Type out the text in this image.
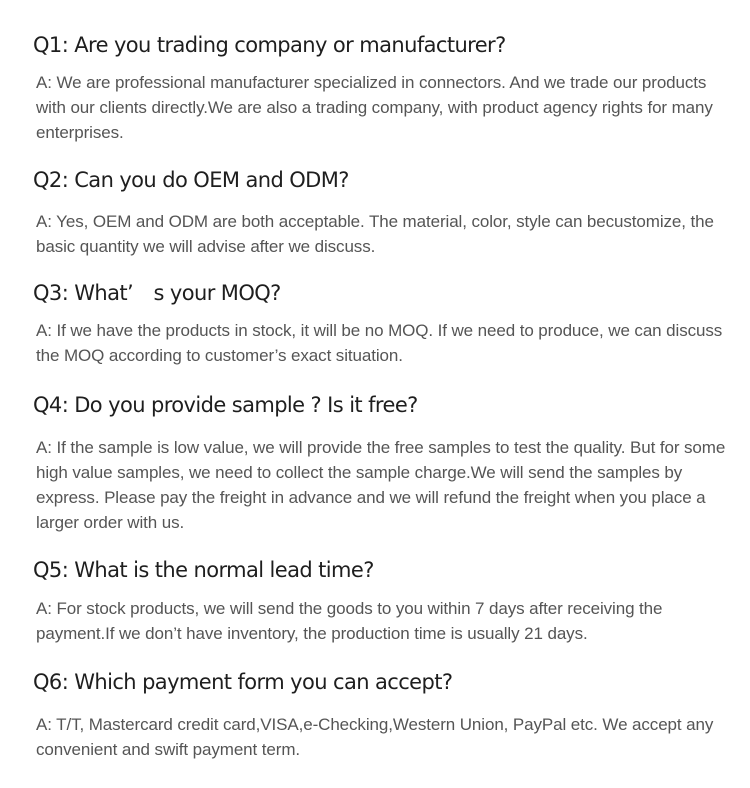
Q1: Are you trading company or manufacturer?

A: We are professional manufacturer specialized in connectors. And we trade our products with our clients directly.We are also a trading company, with product agency rights for many enterprises.

Q2: Can you do OEM and ODM?

A: Yes, OEM and ODM are both acceptable. The material, color, style can becustomize, the basic quantity we will advise after we discuss.

Q3: What’　s your MOQ?

A: If we have the products in stock, it will be no MOQ. If we need to produce, we can discuss the MOQ according to customer’s exact situation.

Q4: Do you provide sample ? Is it free?

A: If the sample is low value, we will provide the free samples to test the quality. But for some high value samples, we need to collect the sample charge.We will send the samples by express. Please pay the freight in advance and we will refund the freight when you place a larger order with us.

Q5: What is the normal lead time?

A: For stock products, we will send the goods to you within 7 days after receiving the payment.If we don’t have inventory, the production time is usually 21 days.

Q6: Which payment form you can accept?

A: T/T, Mastercard credit card,VISA,e-Checking,Western Union, PayPal etc. We accept any convenient and swift payment term.
